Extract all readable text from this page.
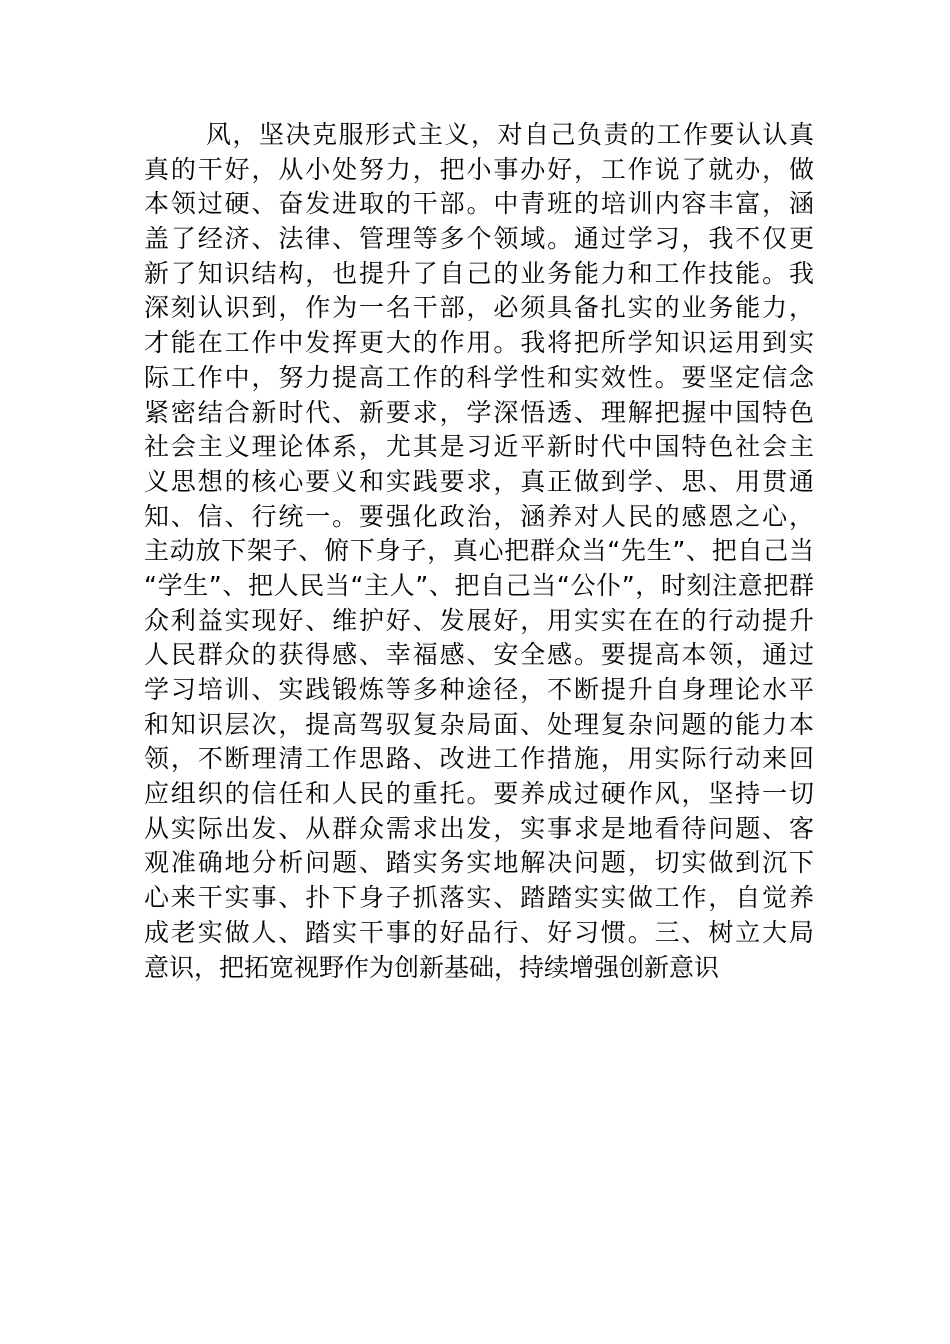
风，坚决克服形式主义，对自己负责的工作要认认真
真的干好，从小处努力，把小事办好，工作说了就办，做
本领过硬、奋发进取的干部。中青班的培训内容丰富，涵
盖了经济、法律、管理等多个领域。通过学习，我不仅更
新了知识结构，也提升了自己的业务能力和工作技能。我
深刻认识到，作为一名干部，必须具备扎实的业务能力，
才能在工作中发挥更大的作用。我将把所学知识运用到实
际工作中，努力提高工作的科学性和实效性。要坚定信念
紧密结合新时代、新要求，学深悟透、理解把握中国特色
社会主义理论体系，尤其是习近平新时代中国特色社会主
义思想的核心要义和实践要求，真正做到学、思、用贯通
知、信、行统一。要强化政治，涵养对人民的感恩之心，
主动放下架子、俯下身子，真心把群众当“先生”、把自己当
“学生”、把人民当“主人”、把自己当“公仆”，时刻注意把群
众利益实现好、维护好、发展好，用实实在在的行动提升
人民群众的获得感、幸福感、安全感。要提高本领，通过
学习培训、实践锻炼等多种途径，不断提升自身理论水平
和知识层次，提高驾驭复杂局面、处理复杂问题的能力本
领，不断理清工作思路、改进工作措施，用实际行动来回
应组织的信任和人民的重托。要养成过硬作风，坚持一切
从实际出发、从群众需求出发，实事求是地看待问题、客
观准确地分析问题、踏实务实地解决问题，切实做到沉下
心来干实事、扑下身子抓落实、踏踏实实做工作，自觉养
成老实做人、踏实干事的好品行、好习惯。三、树立大局
意识，把拓宽视野作为创新基础，持续增强创新意识
